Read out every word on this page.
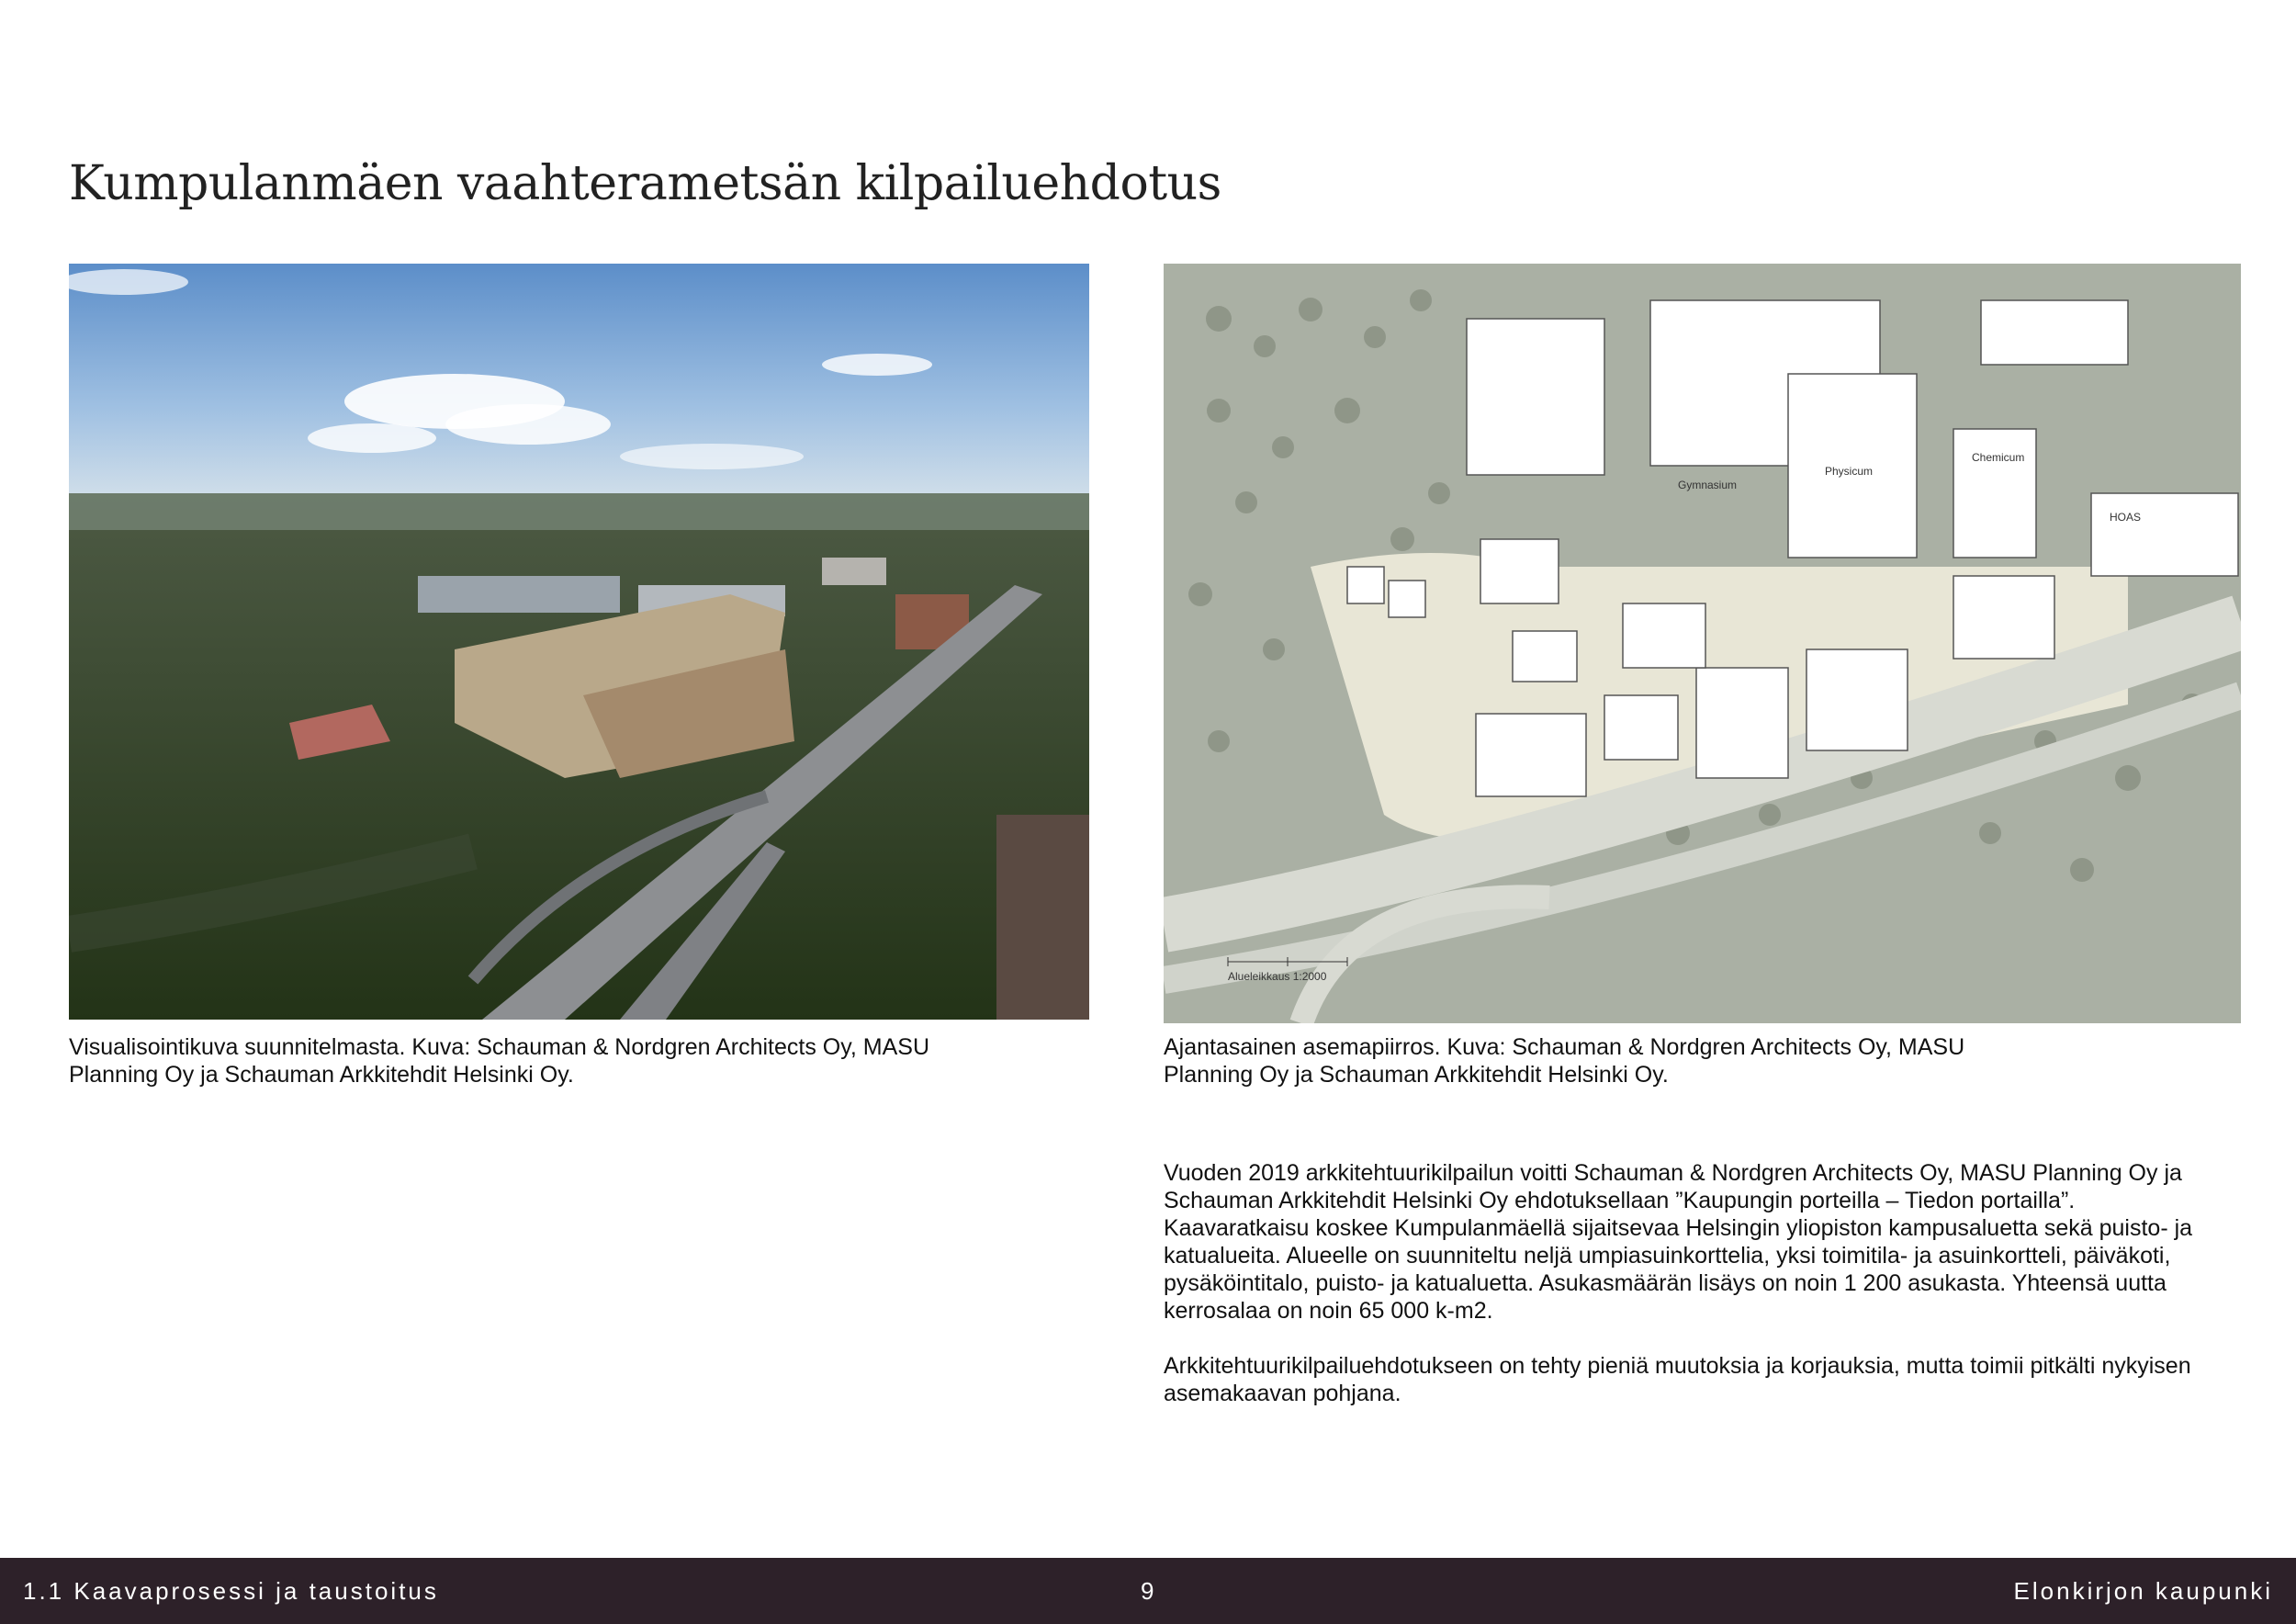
Kumpulanmäen vaahterametsän kilpailuehdotus

Visualisointikuva suunnitelmasta. Kuva: Schauman & Nordgren Architects Oy, MASU
Planning Oy ja Schauman Arkkitehdit Helsinki Oy.

Physicum
Chemicum
HOAS
Gymnasium
Alueleikkaus 1:2000

Ajantasainen asemapiirros. Kuva: Schauman & Nordgren Architects Oy, MASU
Planning Oy ja Schauman Arkkitehdit Helsinki Oy.

Vuoden 2019 arkkitehtuurikilpailun voitti Schauman & Nordgren Architects Oy, MASU Planning Oy ja Schauman Arkkitehdit Helsinki Oy ehdotuksellaan ”Kaupungin porteilla – Tiedon portailla”. Kaavaratkaisu koskee Kumpulanmäellä sijaitsevaa Helsingin yliopiston kampusaluetta sekä puisto- ja katualueita. Alueelle on suunniteltu neljä umpiasuinkorttelia, yksi toimitila- ja asuinkortteli, päiväkoti, pysäköintitalo, puisto- ja katualuetta. Asukasmäärän lisäys on noin 1 200 asukasta. Yhteensä uutta kerrosalaa on noin 65 000 k-m2.

Arkkitehtuurikilpailuehdotukseen on tehty pieniä muutoksia ja korjauksia, mutta toimii pitkälti nykyisen asemakaavan pohjana.

1.1 Kaavaprosessi ja taustoitus	9	Elonkirjon kaupunki
